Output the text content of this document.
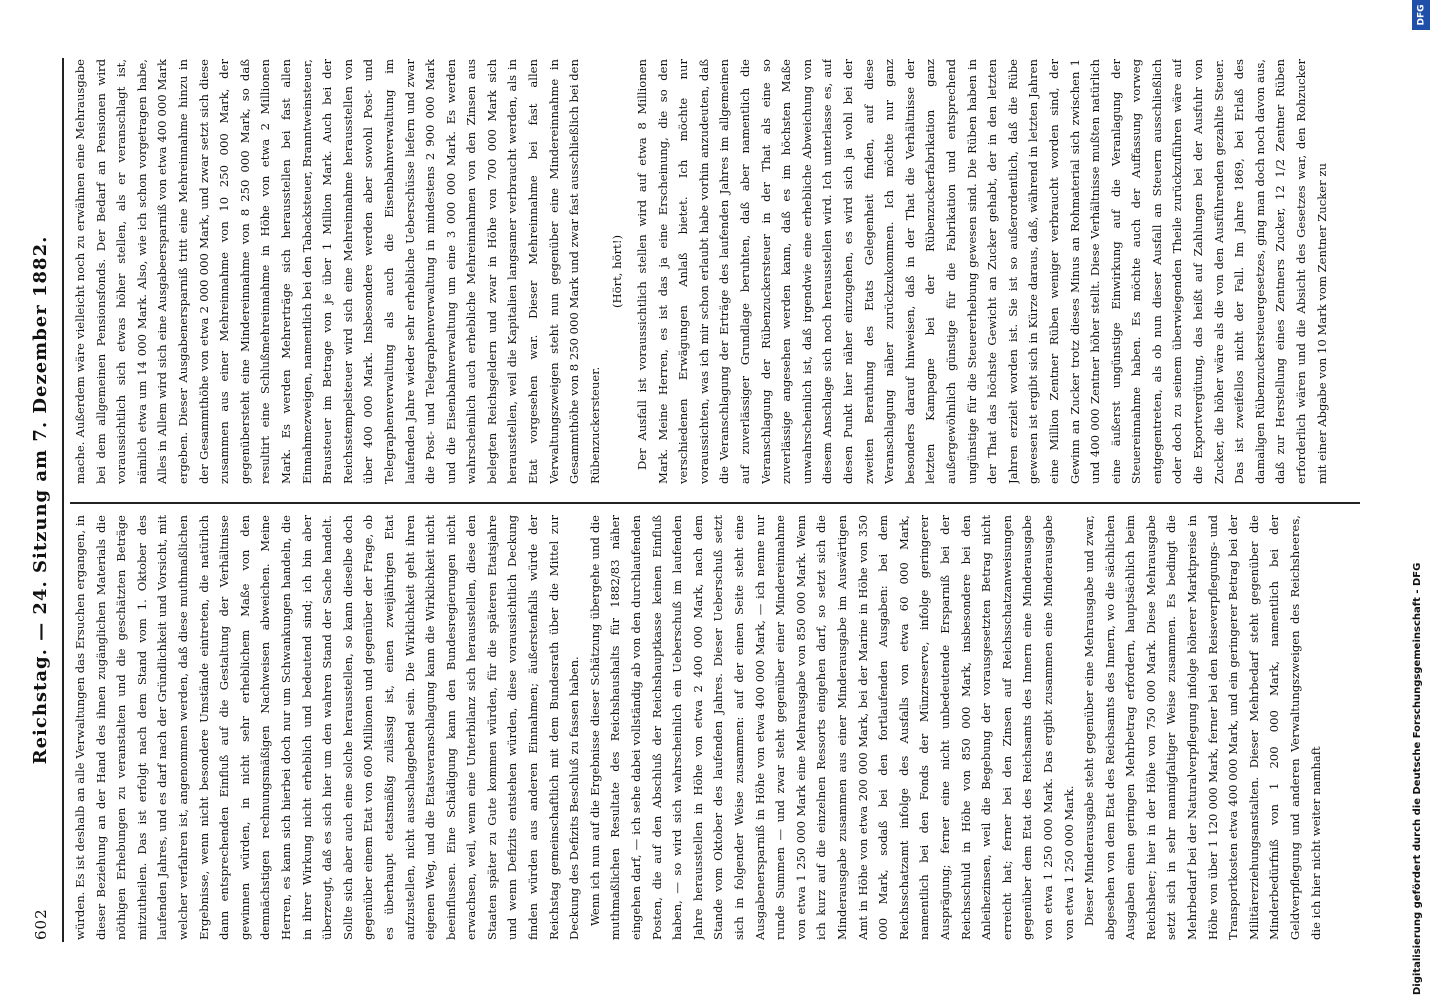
602
Reichstag. — 24. Sitzung am 7. Dezember 1882. würden. Es ist deshalb an alle Verwaltungen das Ersuchen ergangen, in dieser Beziehung an der Hand des ihnen zugänglichen Materials die nöthigen Erhebungen zu veranstalten und die geschätzten Beträge mitzutheilen. Das ist erfolgt nach dem Stand vom 1. Oktober des laufenden Jahres, und es darf nach der Gründlichkeit und Vorsicht, mit welcher verfahren ist, angenommen werden, daß diese muthmaßlichen Ergebnisse, wenn nicht besondere Umstände eintreten, die natürlich dann entsprechenden Einfluß auf die Gestaltung der Verhältnisse gewinnen würden, in nicht sehr erheblichem Maße von den demnächstigen rechnungsmäßigen Nachweisen abweichen. Meine Herren, es kann sich hierbei doch nur um Schwankungen handeln, die in ihrer Wirkung nicht erheblich und bedeutend sind; ich bin aber überzeugt, daß es sich hier um den wahren Stand der Sache handelt. Sollte sich aber auch eine solche herausstellen, so kann dieselbe doch gegenüber einem Etat von 600 Millionen und gegenüber der Frage, ob es überhaupt etatsmäßig zulässig ist, einen zweijährigen Etat aufzustellen, nicht ausschlaggebend sein. Die Wirklichkeit geht ihren eigenen Weg, und die Etatsveranschlagung kann die Wirklichkeit nicht beeinflussen. Eine Schädigung kann den Bundesregierungen nicht erwachsen, weil, wenn eine Unterbilanz sich herausstellen, diese den Staaten später zu Gute kommen würden, für die späteren Etatsjahre und wenn Defizits entstehen würden, diese voraussichtlich Deckung finden würden aus anderen Einnahmen; äußerstenfalls würde der Reichstag gemeinschaftlich mit dem Bundesrath über die Mittel zur Deckung des Defizits Beschluß zu fassen haben. Wenn ich nun auf die Ergebnisse dieser Schätzung übergehe und die muthmaßlichen Resultate des Reichshaushalts für 1882/83 näher eingehen darf, — ich sehe dabei vollständig ab von den durchlaufenden Posten, die auf den Abschluß der Reichshauptkasse keinen Einfluß haben, — so wird sich wahrscheinlich ein Ueberschuß im laufenden Jahre herausstellen in Höhe von etwa 2 400 000 Mark, nach dem Stande vom Oktober des laufenden Jahres. Dieser Ueberschuß setzt sich in folgender Weise zusammen: auf der einen Seite steht eine Ausgabenersparniß in Höhe von etwa 400 000 Mark, — ich nenne nur runde Summen — und zwar steht gegenüber einer Mindereinnahme von etwa 1 250 000 Mark eine Mehrausgabe von 850 000 Mark. Wenn ich kurz auf die einzelnen Ressorts eingehen darf, so setzt sich die Minderausgabe zusammen aus einer Minderausgabe im Auswärtigen Amt in Höhe von etwa 200 000 Mark, bei der Marine in Höhe von 350 000 Mark, sodaß bei den fortlaufenden Ausgaben: bei dem Reichsschatzamt infolge des Ausfalls von etwa 60 000 Mark, namentlich bei den Fonds der Münzreserve, infolge geringerer Ausprägung; ferner eine nicht unbedeutende Ersparniß bei der Reichsschuld in Höhe von 850 000 Mark, insbesondere bei den Anleihezinsen, weil die Begebung der vorausgesetzten Betrag nicht erreicht hat; ferner bei den Zinsen auf Reichsschatzanweisungen gegenüber dem Etat des Reichsamts des Innern eine Minderausgabe von etwa 1 250 000 Mark. Das ergibt zusammen eine Minderausgabe von etwa 1 250 000 Mark. Dieser Minderausgabe steht gegenüber eine Mehrausgabe und zwar, abgesehen von dem Etat des Reichsamts des Innern, wo die sächlichen Ausgaben einen geringen Mehrbetrag erfordern, hauptsächlich beim Reichsheer; hier in der Höhe von 750 000 Mark. Diese Mehrausgabe setzt sich in sehr mannigfaltiger Weise zusammen. Es bedingt die Mehrbedarf bei der Naturalverpflegung infolge höherer Marktpreise in Höhe von über 1 120 000 Mark, ferner bei den Reiseverpflegungs- und Transportkosten etwa 400 000 Mark, und ein geringerer Betrag bei der Militärerziehungsanstalten. Dieser Mehrbedarf steht gegenüber die Minderbedürfniß von 1 200 000 Mark, namentlich bei der Geldverpflegung und anderen Verwaltungszweigen des Reichsheeres, die ich hier nicht weiter namhaft

mache. Außerdem wäre vielleicht noch zu erwähnen eine Mehrausgabe bei dem allgemeinen Pensionsfonds. Der Bedarf an Pensionen wird voraussichtlich sich etwas höher stellen, als er veranschlagt ist, nämlich etwa um 14 000 Mark. Also, wie ich schon vorgetragen habe, Alles in Allem wird sich eine Ausgabeersparniß von etwa 400 000 Mark ergeben. Dieser Ausgabenersparniß tritt eine Mehreinnahme hinzu in der Gesammthöhe von etwa 2 000 000 Mark, und zwar setzt sich diese zusammen aus einer Mehreinnahme von 10 250 000 Mark, der gegenübersteht eine Mindereinnahme von 8 250 000 Mark, so daß resultirt eine Schlußmehreinnahme in Höhe von etwa 2 Millionen Mark. Es werden Mehrerträge sich herausstellen bei fast allen Einnahmezweigen, namentlich bei den Tabacksteuer, Branntweinsteuer, Brausteuer im Betrage von je über 1 Million Mark. Auch bei der Reichsstempelsteuer wird sich eine Mehreinnahme herausstellen von über 400 000 Mark. Insbesondere werden aber sowohl Post- und Telegraphenverwaltung als auch die Eisenbahnverwaltung im laufenden Jahre wieder sehr erhebliche Ueberschüsse liefern und zwar die Post- und Telegraphenverwaltung in mindestens 2 900 000 Mark und die Eisenbahnverwaltung um eine 3 000 000 Mark. Es werden wahrscheinlich auch erhebliche Mehreinnahmen von den Zinsen aus belegten Reichsgeldern und zwar in Höhe von 700 000 Mark sich herausstellen, weil die Kapitalien langsamer verbraucht werden, als in Etat vorgesehen war. Dieser Mehreinnahme bei fast allen Verwaltungszweigen steht nun gegenüber eine Mindereinnahme in Gesammthöhe von 8 250 000 Mark und zwar fast ausschließlich bei den Rübenzuckersteuer.

(Hört, hört!) Der Ausfall ist voraussichtlich stellen wird auf etwa 8 Millionen Mark. Meine Herren, es ist das ja eine Erscheinung, die so den verschiedenen Erwägungen Anlaß bietet. Ich möchte nur voraussichten, was ich mir schon erlaubt habe vorhin anzudeuten, daß die Veranschlagung der Erträge des laufenden Jahres im allgemeinen auf zuverlässiger Grundlage beruhten, daß aber namentlich die Veranschlagung der Rübenzuckersteuer in der That als eine so zuverlässige angesehen werden kann, daß es im höchsten Maße unwahrscheinlich ist, daß irgendwie eine erhebliche Abweichung von diesem Anschlage sich noch herausstellen wird. Ich unterlasse es, auf diesen Punkt hier näher einzugehen, es wird sich ja wohl bei der zweiten Berathung des Etats Gelegenheit finden, auf diese Veranschlagung näher zurückzukommen. Ich möchte nur ganz besonders darauf hinweisen, daß in der That die Verhältnisse der letzten Kampagne bei der Rübenzuckerfabrikation ganz außergewöhnlich günstige für die Fabrikation und entsprechend ungünstige für die Steuererhebung gewesen sind. Die Rüben haben in der That das höchste Gewicht an Zucker gehabt, der in den letzten Jahren erzielt worden ist. Sie ist so außerordentlich, daß die Rübe gewesen ist ergibt sich in Kürze daraus, daß, während in letzten Jahren eine Million Zentner Rüben weniger verbraucht worden sind, der Gewinn an Zucker trotz dieses Minus an Rohmaterial sich zwischen 1 und 400 000 Zentner höher stellt. Diese Verhältnisse mußten natürlich eine äußerst ungünstige Einwirkung auf die Veranlagung der Steuereinnahme haben. Es möchte auch der Auffassung vorweg entgegentreten, als ob nun dieser Ausfall an Steuern ausschließlich oder doch zu seinem überwiegenden Theile zurückzuführen wäre auf die Exportvergütung, das heißt auf Zahlungen bei der Ausfuhr von Zucker, die höher wäre als die von den Ausführenden gezahlte Steuer. Das ist zweifellos nicht der Fall. Im Jahre 1869, bei Erlaß des damaligen Rübenzuckersteuergesetzes, ging man doch noch davon aus, daß zur Herstellung eines Zentners Zucker, 12 1/2 Zentner Rüben erforderlich wären und die Absicht des Gesetzes war, den Rohzucker mit einer Abgabe von 10 Mark vom Zentner Zucker zu

Digitalisierung gefördert durch die Deutsche Forschungsgemeinschaft - DFG
DFG
